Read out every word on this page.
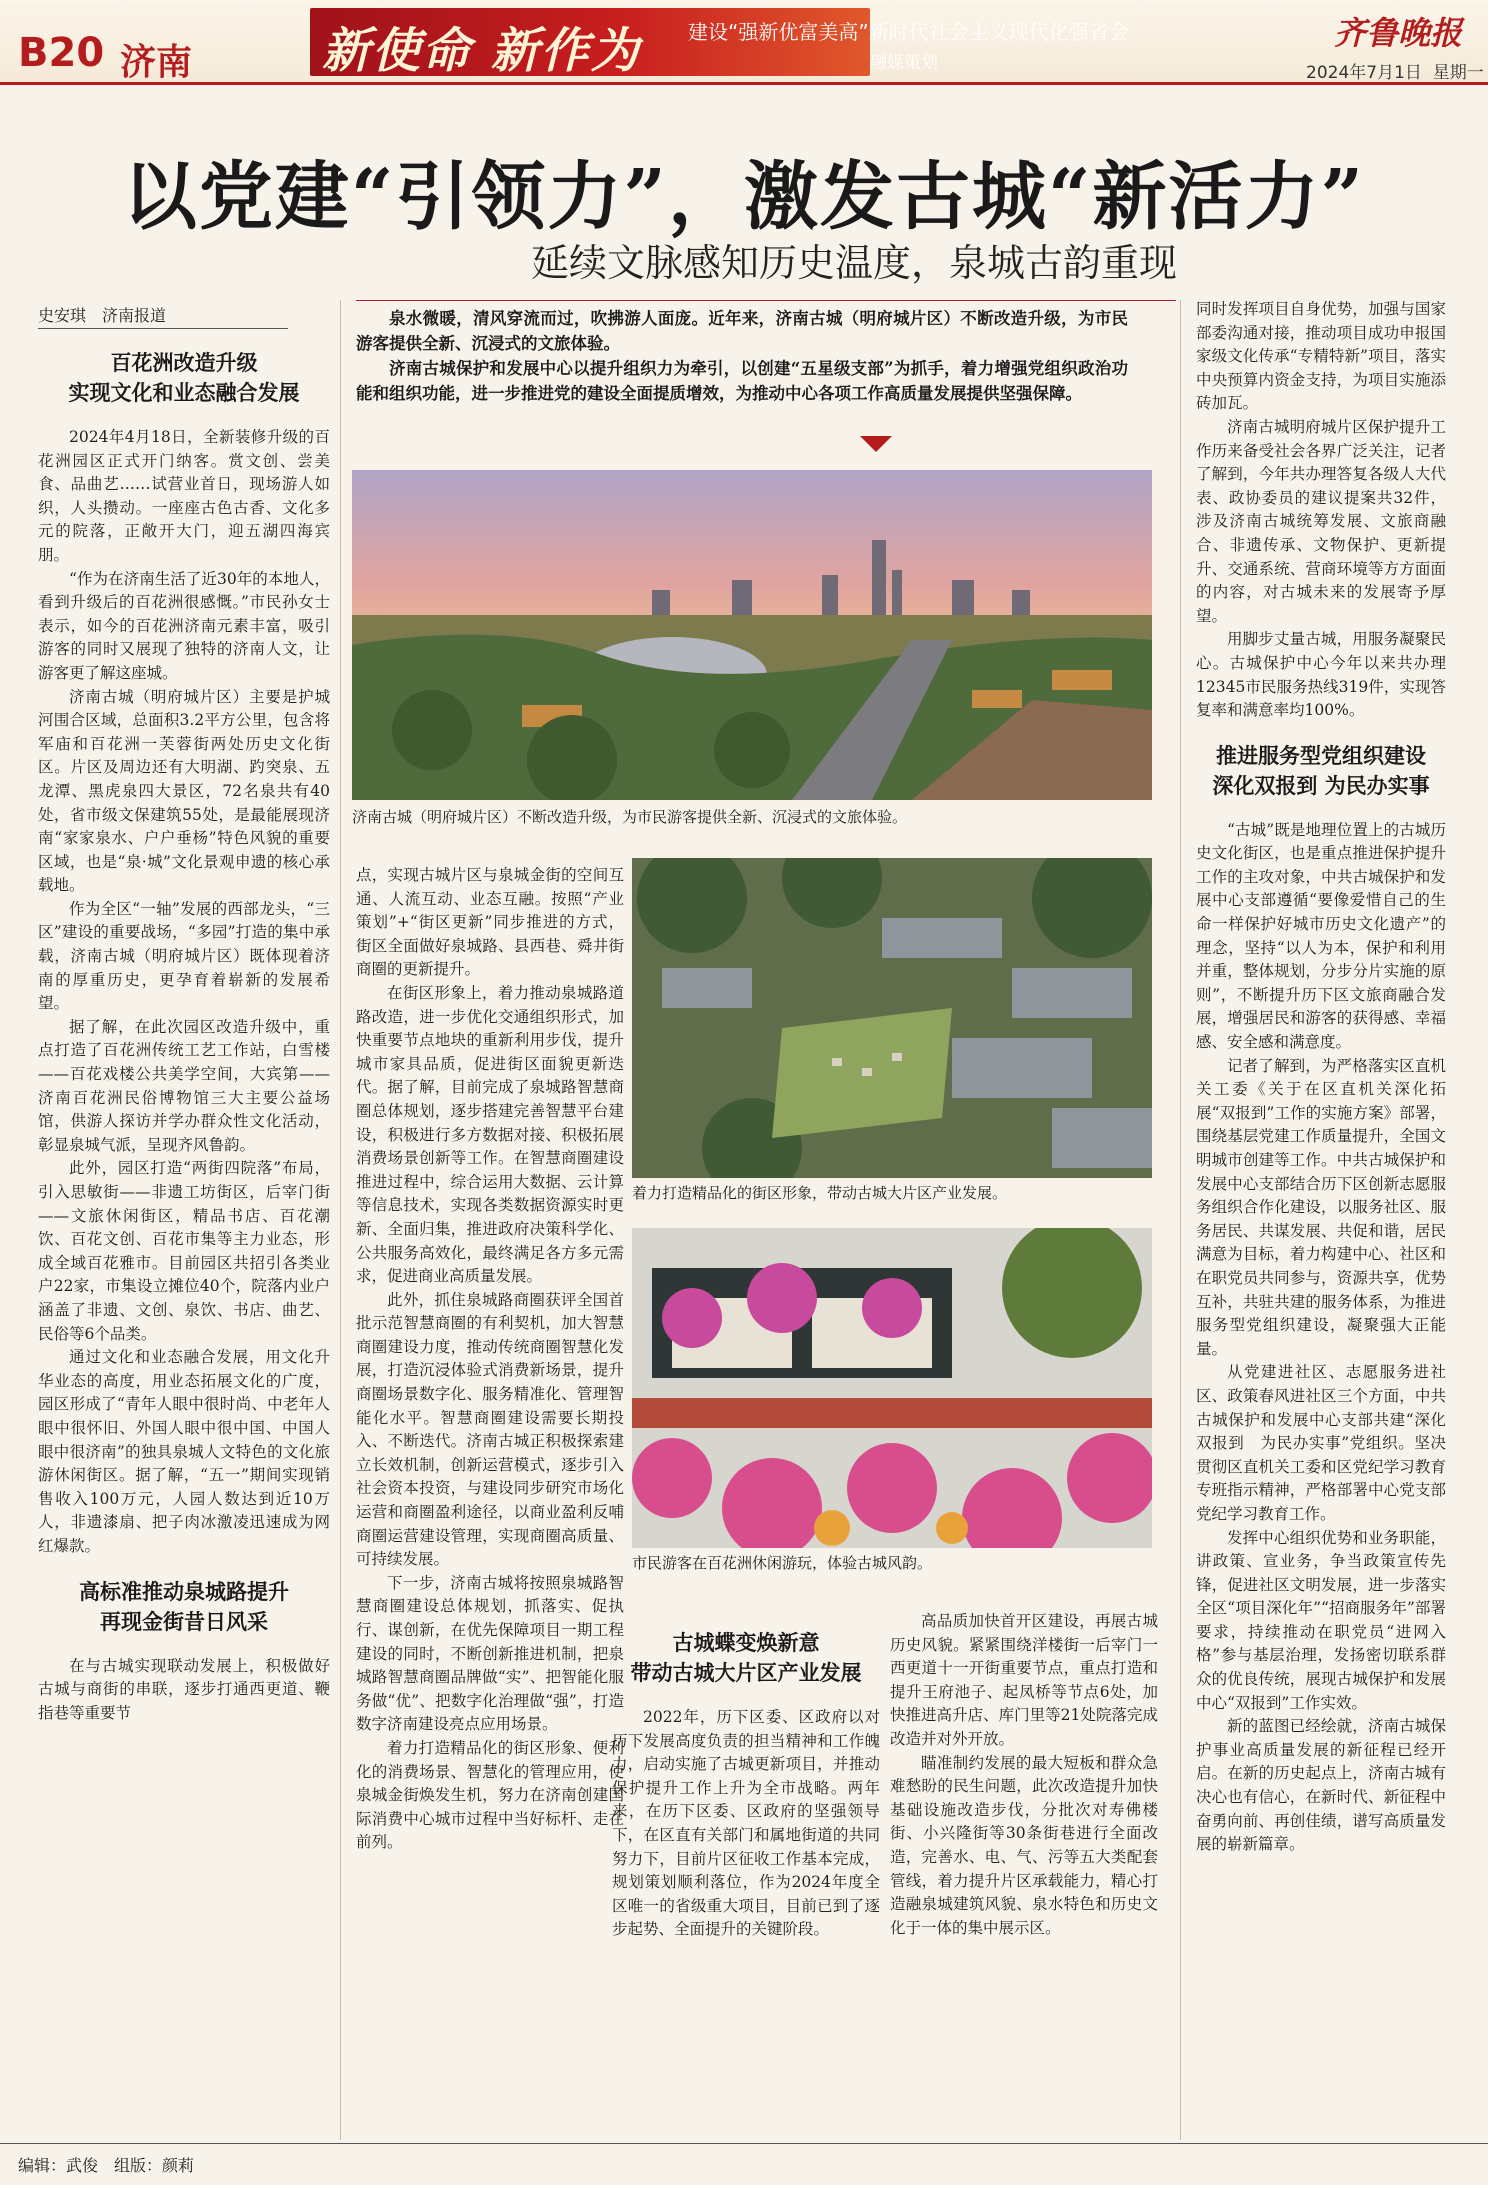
B20 济南	新使命 新作为 建设“强新优富美高”新时代社会主义现代化强省会
融媒策划
齐鲁晚报
2024年7月1日 星期一
以党建“引领力”，激发古城“新活力”
延续文脉感知历史温度，泉城古韵重现
史安琪　济南报道
百花洲改造升级
实现文化和业态融合发展

2024年4月18日，全新装修升级的百花洲园区正式开门纳客。赏文创、尝美食、品曲艺……试营业首日，现场游人如织，人头攒动。一座座古色古香、文化多元的院落，正敞开大门，迎五湖四海宾朋。

“作为在济南生活了近30年的本地人，看到升级后的百花洲很感慨。”市民孙女士表示，如今的百花洲济南元素丰富，吸引游客的同时又展现了独特的济南人文，让游客更了解这座城。

济南古城（明府城片区）主要是护城河围合区域，总面积3.2平方公里，包含将军庙和百花洲一芙蓉街两处历史文化街区。片区及周边还有大明湖、趵突泉、五龙潭、黑虎泉四大景区，72名泉共有40处，省市级文保建筑55处，是最能展现济南“家家泉水、户户垂杨”特色风貌的重要区域，也是“泉·城”文化景观申遗的核心承载地。

作为全区“一轴”发展的西部龙头，“三区”建设的重要战场，“多园”打造的集中承载，济南古城（明府城片区）既体现着济南的厚重历史，更孕育着崭新的发展希望。

据了解，在此次园区改造升级中，重点打造了百花洲传统工艺工作站，白雪楼——百花戏楼公共美学空间，大宾第——济南百花洲民俗博物馆三大主要公益场馆，供游人探访并学办群众性文化活动，彰显泉城气派，呈现齐风鲁韵。

此外，园区打造“两街四院落”布局，引入思敏街——非遗工坊街区，后宰门街——文旅休闲街区，精品书店、百花潮饮、百花文创、百花市集等主力业态，形成全域百花雅市。目前园区共招引各类业户22家，市集设立摊位40个，院落内业户涵盖了非遗、文创、泉饮、书店、曲艺、民俗等6个品类。

通过文化和业态融合发展，用文化升华业态的高度，用业态拓展文化的广度，园区形成了“青年人眼中很时尚、中老年人眼中很怀旧、外国人眼中很中国、中国人眼中很济南”的独具泉城人文特色的文化旅游休闲街区。据了解，“五一”期间实现销售收入100万元，人园人数达到近10万人，非遗漆扇、把子肉冰激凌迅速成为网红爆款。

高标准推动泉城路提升
再现金街昔日风采

在与古城实现联动发展上，积极做好古城与商街的串联，逐步打通西更道、鞭指巷等重要节

泉水微暖，清风穿流而过，吹拂游人面庞。近年来，济南古城（明府城片区）不断改造升级，为市民游客提供全新、沉浸式的文旅体验。

济南古城保护和发展中心以提升组织力为牵引，以创建“五星级支部”为抓手，着力增强党组织政治功能和组织功能，进一步推进党的建设全面提质增效，为推动中心各项工作高质量发展提供坚强保障。

济南古城（明府城片区）不断改造升级，为市民游客提供全新、沉浸式的文旅体验。
着力打造精品化的街区形象，带动古城大片区产业发展。
市民游客在百花洲休闲游玩，体验古城风韵。

点，实现古城片区与泉城金街的空间互通、人流互动、业态互融。按照“产业策划”+“街区更新”同步推进的方式，街区全面做好泉城路、县西巷、舜井街商圈的更新提升。

在街区形象上，着力推动泉城路道路改造，进一步优化交通组织形式，加快重要节点地块的重新利用步伐，提升城市家具品质，促进街区面貌更新迭代。据了解，目前完成了泉城路智慧商圈总体规划，逐步搭建完善智慧平台建设，积极进行多方数据对接、积极拓展消费场景创新等工作。在智慧商圈建设推进过程中，综合运用大数据、云计算等信息技术，实现各类数据资源实时更新、全面归集，推进政府决策科学化、公共服务高效化，最终满足各方多元需求，促进商业高质量发展。

此外，抓住泉城路商圈获评全国首批示范智慧商圈的有利契机，加大智慧商圈建设力度，推动传统商圈智慧化发展，打造沉浸体验式消费新场景，提升商圈场景数字化、服务精准化、管理智能化水平。智慧商圈建设需要长期投入、不断迭代。济南古城正积极探索建立长效机制，创新运营模式，逐步引入社会资本投资，与建设同步研究市场化运营和商圈盈利途径，以商业盈利反哺商圈运营建设管理，实现商圈高质量、可持续发展。

下一步，济南古城将按照泉城路智慧商圈建设总体规划，抓落实、促执行、谋创新，在优先保障项目一期工程建设的同时，不断创新推进机制，把泉城路智慧商圈品牌做“实”、把智能化服务做“优”、把数字化治理做“强”，打造数字济南建设亮点应用场景。

着力打造精品化的街区形象、便利化的消费场景、智慧化的管理应用，使泉城金街焕发生机，努力在济南创建国际消费中心城市过程中当好标杆、走在前列。

古城蝶变焕新意
带动古城大片区产业发展

2022年，历下区委、区政府以对历下发展高度负责的担当精神和工作魄力，启动实施了古城更新项目，并推动保护提升工作上升为全市战略。两年来，在历下区委、区政府的坚强领导下，在区直有关部门和属地街道的共同努力下，目前片区征收工作基本完成，规划策划顺利落位，作为2024年度全区唯一的省级重大项目，目前已到了逐步起势、全面提升的关键阶段。

高品质加快首开区建设，再展古城历史风貌。紧紧围绕洋楼街一后宰门一西更道十一开街重要节点，重点打造和提升王府池子、起凤桥等节点6处，加快推进高升店、库门里等21处院落完成改造并对外开放。

瞄准制约发展的最大短板和群众急难愁盼的民生问题，此次改造提升加快基础设施改造步伐，分批次对寿佛楼街、小兴隆街等30条街巷进行全面改造，完善水、电、气、污等五大类配套管线，着力提升片区承载能力，精心打造融泉城建筑风貌、泉水特色和历史文化于一体的集中展示区。

同时发挥项目自身优势，加强与国家部委沟通对接，推动项目成功申报国家级文化传承“专精特新”项目，落实中央预算内资金支持，为项目实施添砖加瓦。

济南古城明府城片区保护提升工作历来备受社会各界广泛关注，记者了解到，今年共办理答复各级人大代表、政协委员的建议提案共32件，涉及济南古城统筹发展、文旅商融合、非遗传承、文物保护、更新提升、交通系统、营商环境等方方面面的内容，对古城未来的发展寄予厚望。

用脚步丈量古城，用服务凝聚民心。古城保护中心今年以来共办理12345市民服务热线319件，实现答复率和满意率均100%。

推进服务型党组织建设
深化双报到 为民办实事

“古城”既是地理位置上的古城历史文化街区，也是重点推进保护提升工作的主攻对象，中共古城保护和发展中心支部遵循“要像爱惜自己的生命一样保护好城市历史文化遗产”的理念，坚持“以人为本，保护和利用并重，整体规划，分步分片实施的原则”，不断提升历下区文旅商融合发展，增强居民和游客的获得感、幸福感、安全感和满意度。

记者了解到，为严格落实区直机关工委《关于在区直机关深化拓展“双报到”工作的实施方案》部署，围绕基层党建工作质量提升，全国文明城市创建等工作。中共古城保护和发展中心支部结合历下区创新志愿服务组织合作化建设，以服务社区、服务居民、共谋发展、共促和谐，居民满意为目标，着力构建中心、社区和在职党员共同参与，资源共享，优势互补，共驻共建的服务体系，为推进服务型党组织建设，凝聚强大正能量。

从党建进社区、志愿服务进社区、政策春风进社区三个方面，中共古城保护和发展中心支部共建“深化双报到　为民办实事”党组织。坚决贯彻区直机关工委和区党纪学习教育专班指示精神，严格部署中心党支部党纪学习教育工作。

发挥中心组织优势和业务职能，讲政策、宣业务，争当政策宣传先锋，促进社区文明发展，进一步落实全区“项目深化年”“招商服务年”部署要求，持续推动在职党员“进网入格”参与基层治理，发扬密切联系群众的优良传统，展现古城保护和发展中心“双报到”工作实效。

新的蓝图已经绘就，济南古城保护事业高质量发展的新征程已经开启。在新的历史起点上，济南古城有决心也有信心，在新时代、新征程中奋勇向前、再创佳绩，谱写高质量发展的崭新篇章。

编辑：武俊　组版：颜莉
